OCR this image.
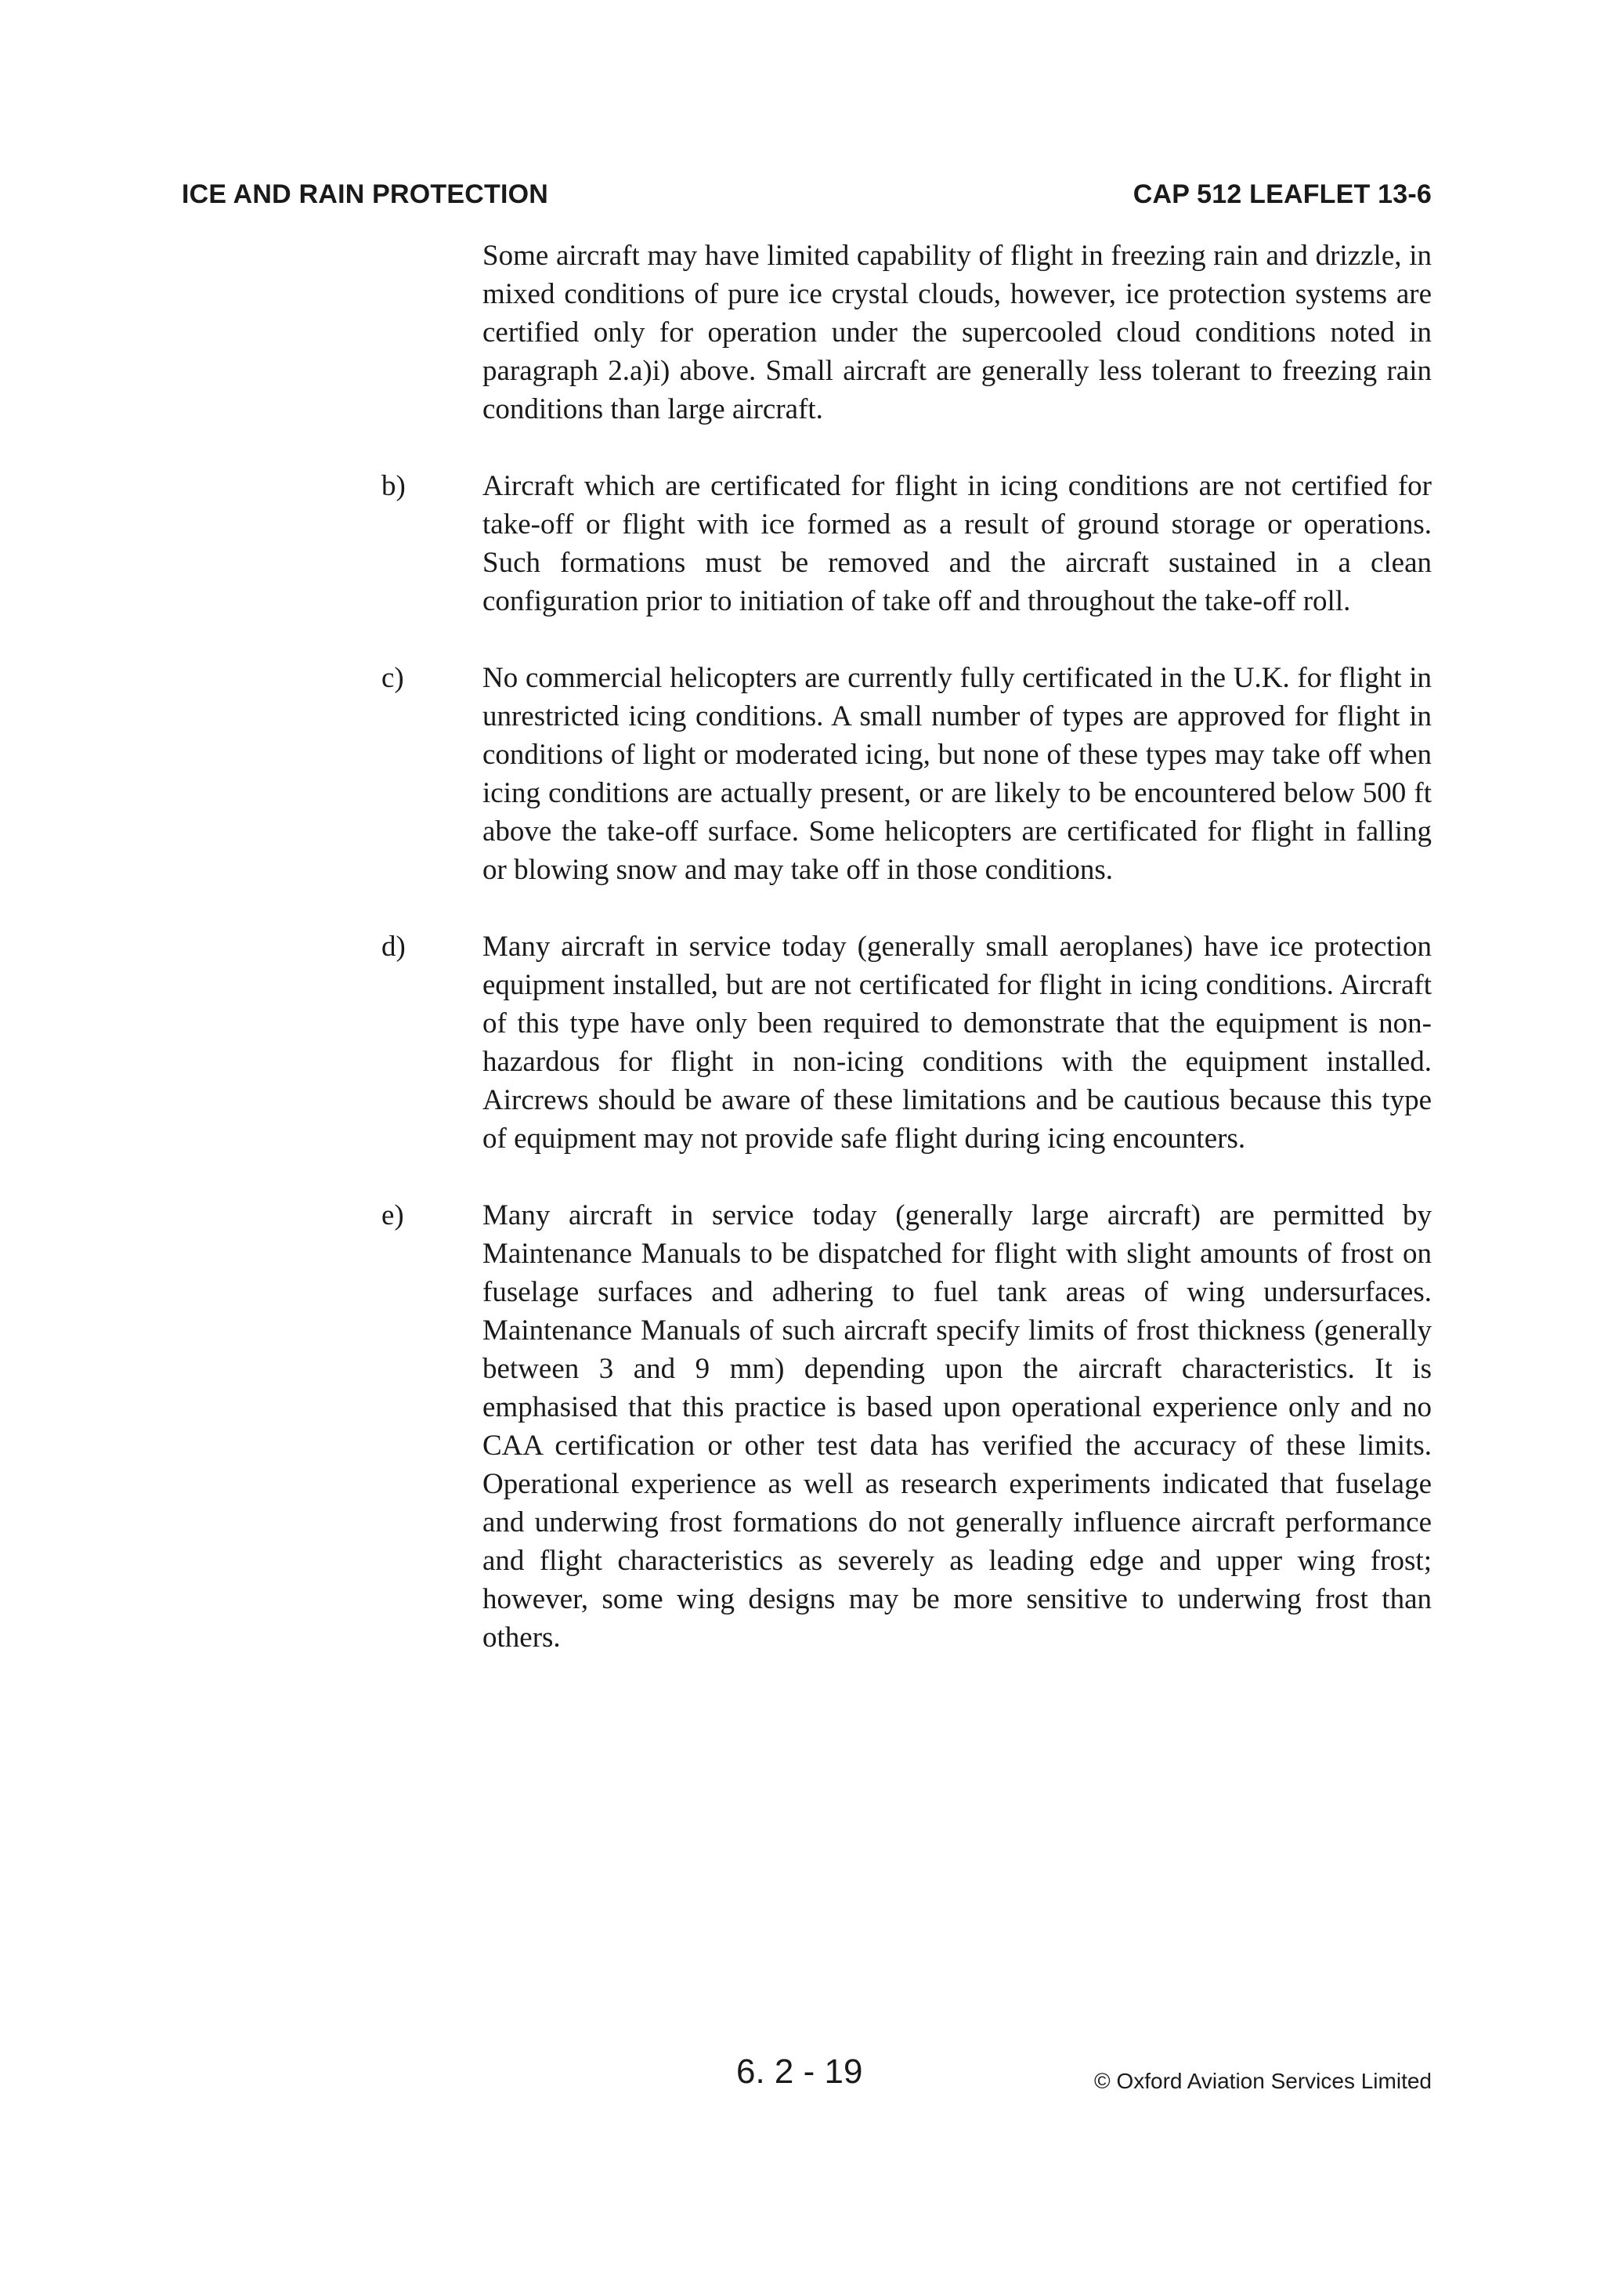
ICE AND RAIN PROTECTION	CAP 512 LEAFLET 13-6
Some aircraft may have limited capability of flight in freezing rain and drizzle, in mixed conditions of pure ice crystal clouds, however, ice protection systems are certified only for operation under the supercooled cloud conditions noted in paragraph 2.a)i) above. Small aircraft are generally less tolerant to freezing rain conditions than large aircraft.
b)	Aircraft which are certificated for flight in icing conditions are not certified for take-off or flight with ice formed as a result of ground storage or operations. Such formations must be removed and the aircraft sustained in a clean configuration prior to initiation of take off and throughout the take-off roll.
c)	No commercial helicopters are currently fully certificated in the U.K. for flight in unrestricted icing conditions. A small number of types are approved for flight in conditions of light or moderated icing, but none of these types may take off when icing conditions are actually present, or are likely to be encountered below 500 ft above the take-off surface. Some helicopters are certificated for flight in falling or blowing snow and may take off in those conditions.
d)	Many aircraft in service today (generally small aeroplanes) have ice protection equipment installed, but are not certificated for flight in icing conditions. Aircraft of this type have only been required to demonstrate that the equipment is non-hazardous for flight in non-icing conditions with the equipment installed. Aircrews should be aware of these limitations and be cautious because this type of equipment may not provide safe flight during icing encounters.
e)	Many aircraft in service today (generally large aircraft) are permitted by Maintenance Manuals to be dispatched for flight with slight amounts of frost on fuselage surfaces and adhering to fuel tank areas of wing undersurfaces. Maintenance Manuals of such aircraft specify limits of frost thickness (generally between 3 and 9 mm) depending upon the aircraft characteristics. It is emphasised that this practice is based upon operational experience only and no CAA certification or other test data has verified the accuracy of these limits. Operational experience as well as research experiments indicated that fuselage and underwing frost formations do not generally influence aircraft performance and flight characteristics as severely as leading edge and upper wing frost; however, some wing designs may be more sensitive to underwing frost than others.
6. 2 - 19	© Oxford Aviation Services Limited
